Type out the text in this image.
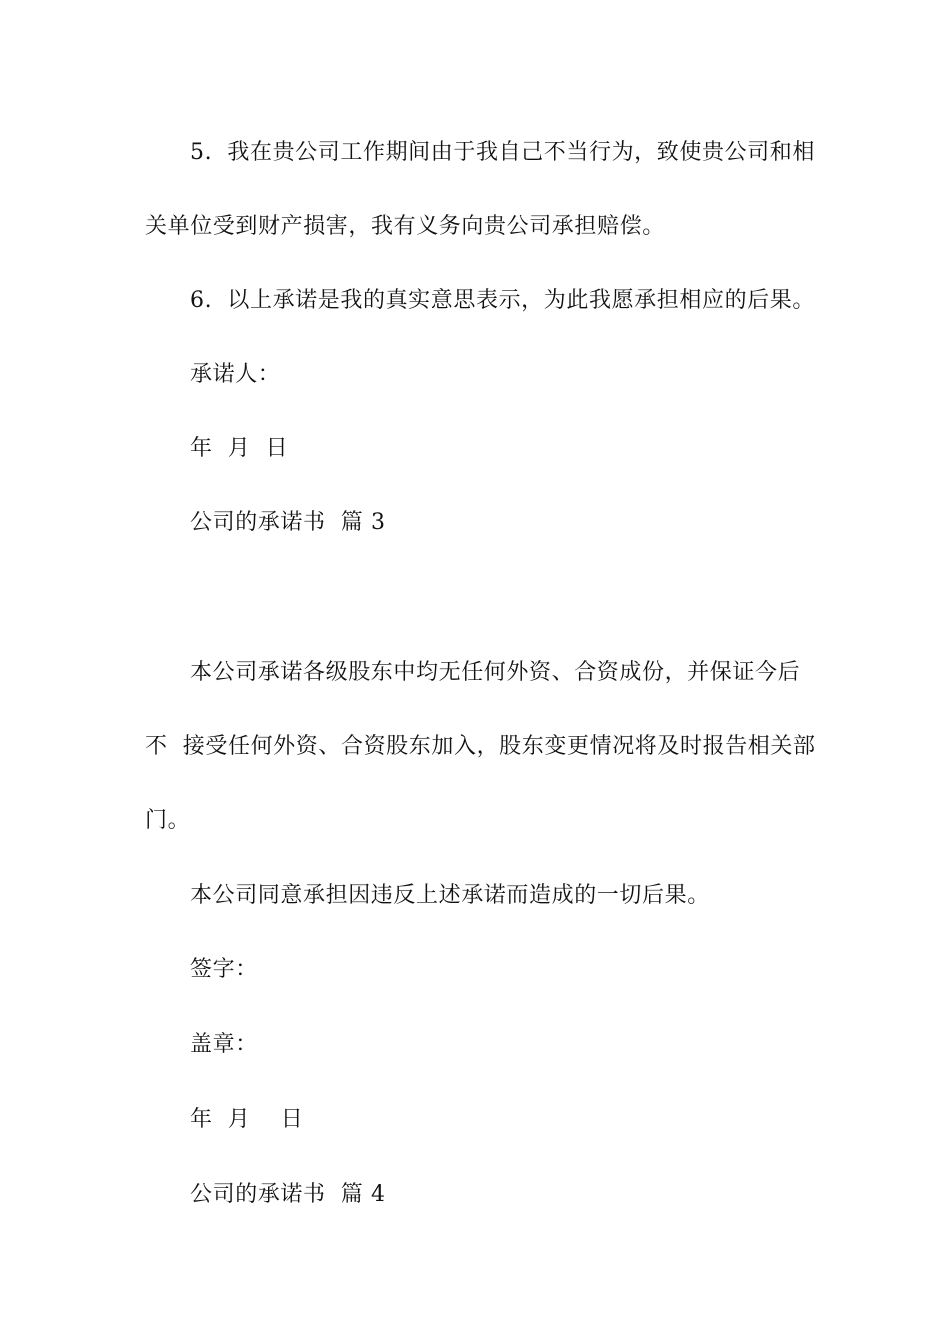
5.  我在贵公司工作期间由于我自己不当行为，致使贵公司和相
关单位受到财产损害，我有义务向贵公司承担赔偿。
6.  以上承诺是我的真实意思表示，为此我愿承担相应的后果。
承诺人：
年  月  日
公司的承诺书  篇 3
本公司承诺各级股东中均无任何外资、合资成份，并保证今后
不  接受任何外资、合资股东加入，股东变更情况将及时报告相关部
门。
本公司同意承担因违反上述承诺而造成的一切后果。
签字：
盖章：
年  月    日
公司的承诺书  篇 4
